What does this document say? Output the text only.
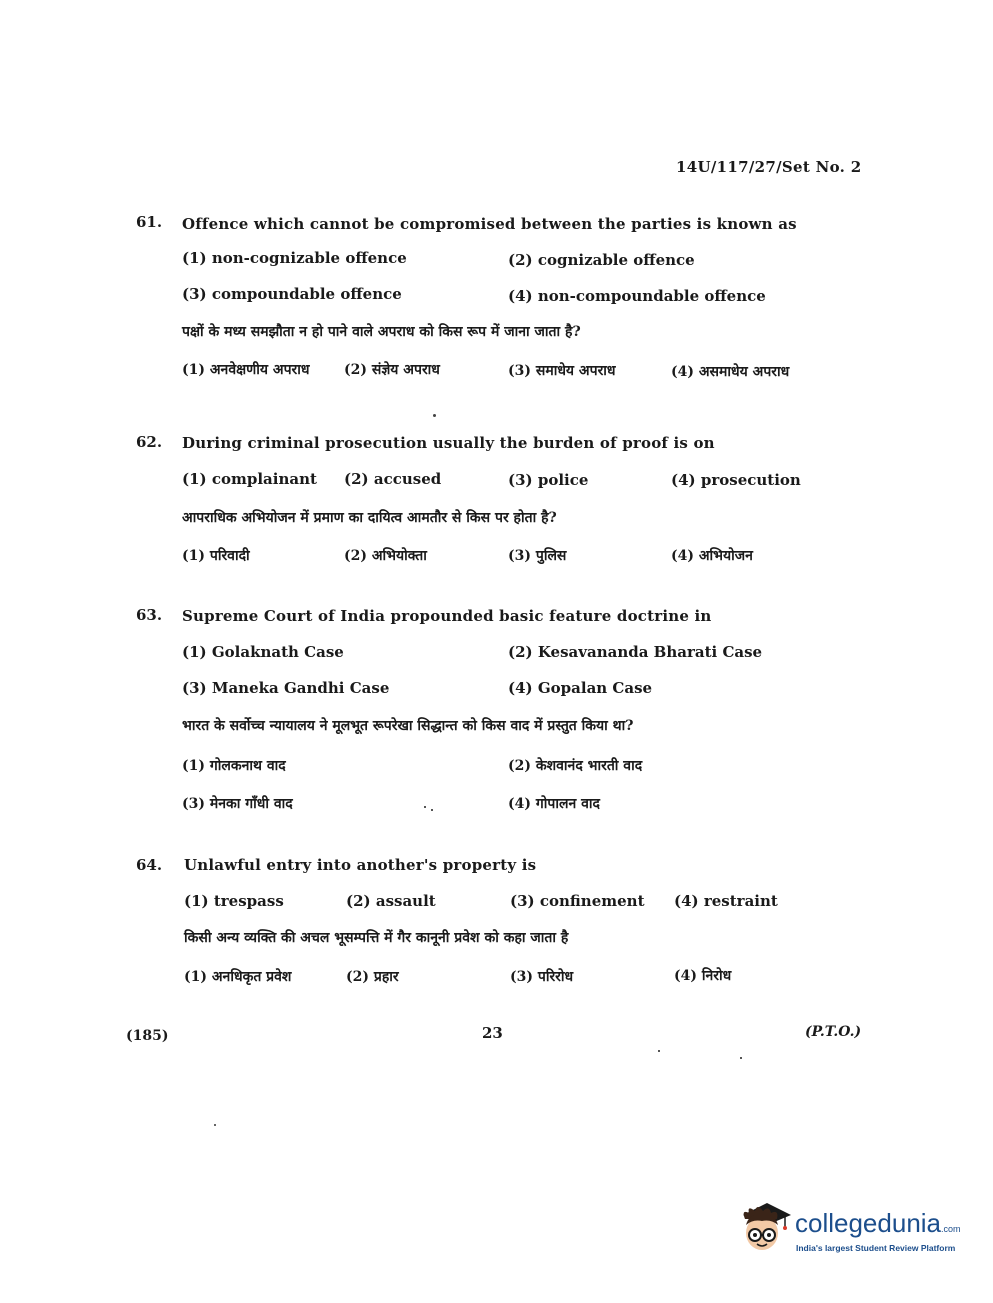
14U/117/27/Set No. 2
61. Offence which cannot be compromised between the parties is known as
(1) non-cognizable offence	(2) cognizable offence
(3) compoundable offence	(4) non-compoundable offence
पक्षों के मध्य समझौता न हो पाने वाले अपराध को किस रूप में जाना जाता है?
(1) अनवेक्षणीय अपराध (2) संज्ञेय अपराध	(3) समाधेय अपराध	(4) असमाधेय अपराध
62. During criminal prosecution usually the burden of proof is on
(1) complainant (2) accused	(3) police	(4) prosecution
आपराधिक अभियोजन में प्रमाण का दायित्व आमतौर से किस पर होता है?
(1) परिवादी	(2) अभियोक्ता	(3) पुलिस	(4) अभियोजन
63. Supreme Court of India propounded basic feature doctrine in
(1) Golaknath Case	(2) Kesavananda Bharati Case
(3) Maneka Gandhi Case	(4) Gopalan Case
भारत के सर्वोच्च न्यायालय ने मूलभूत रूपरेखा सिद्धान्त को किस वाद में प्रस्तुत किया था?
(1) गोलकनाथ वाद	(2) केशवानंद भारती वाद
(3) मेनका गाँधी वाद	(4) गोपालन वाद
64. Unlawful entry into another's property is
(1) trespass	(2) assault	(3) confinement (4) restraint
किसी अन्य व्यक्ति की अचल भूसम्पत्ति में गैर कानूनी प्रवेश को कहा जाता है
(1) अनधिकृत प्रवेश	(2) प्रहार	(3) परिरोध	(4) निरोध
(185)	23	(P.T.O.)
collegedunia.com
India's largest Student Review Platform
